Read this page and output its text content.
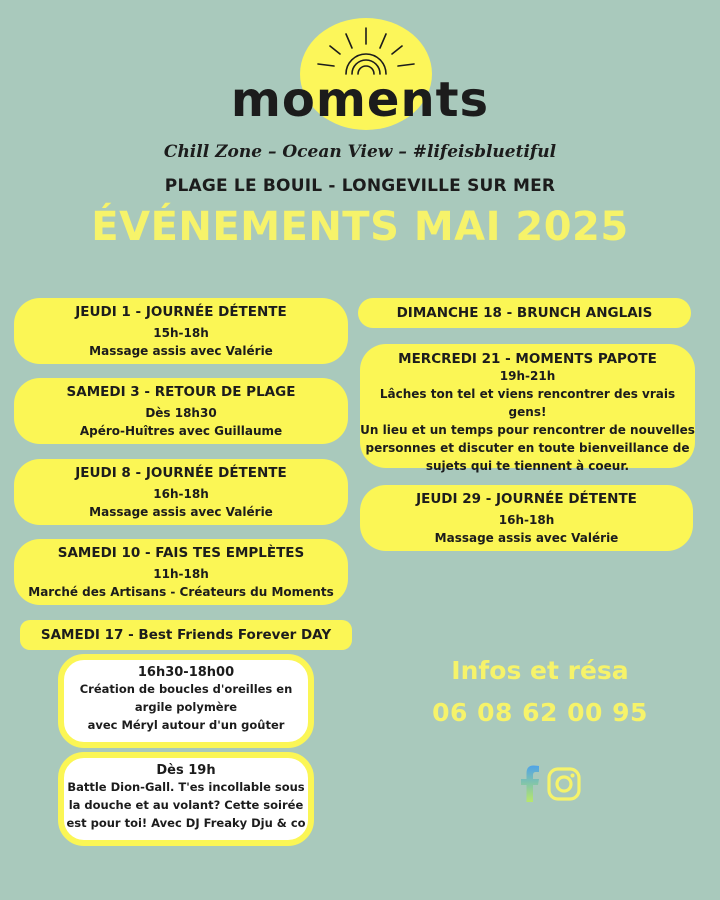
moments
Chill Zone – Ocean View – #lifeisbluetiful
PLAGE LE BOUIL - LONGEVILLE SUR MER
ÉVÉNEMENTS MAI 2025
JEUDI 1 - JOURNÉE DÉTENTE
15h-18h
Massage assis avec Valérie
SAMEDI 3 - RETOUR DE PLAGE
Dès 18h30
Apéro-Huîtres avec Guillaume
JEUDI 8 - JOURNÉE DÉTENTE
16h-18h
Massage assis avec Valérie
SAMEDI 10 - FAIS TES EMPLÈTES
11h-18h
Marché des Artisans - Créateurs du Moments
SAMEDI 17 - Best Friends Forever DAY
16h30-18h00
Création de boucles d'oreilles en
argile polymère
avec Méryl autour d'un goûter
Dès 19h
Battle Dion-Gall. T'es incollable sous
la douche et au volant? Cette soirée
est pour toi! Avec DJ Freaky Dju & co
DIMANCHE 18 - BRUNCH ANGLAIS
MERCREDI 21 - MOMENTS PAPOTE
19h-21h
Lâches ton tel et viens rencontrer des vrais gens!
Un lieu et un temps pour rencontrer de nouvelles
personnes et discuter en toute bienveillance de
sujets qui te tiennent à coeur.
JEUDI 29 - JOURNÉE DÉTENTE
16h-18h
Massage assis avec Valérie
Infos et résa
06 08 62 00 95
